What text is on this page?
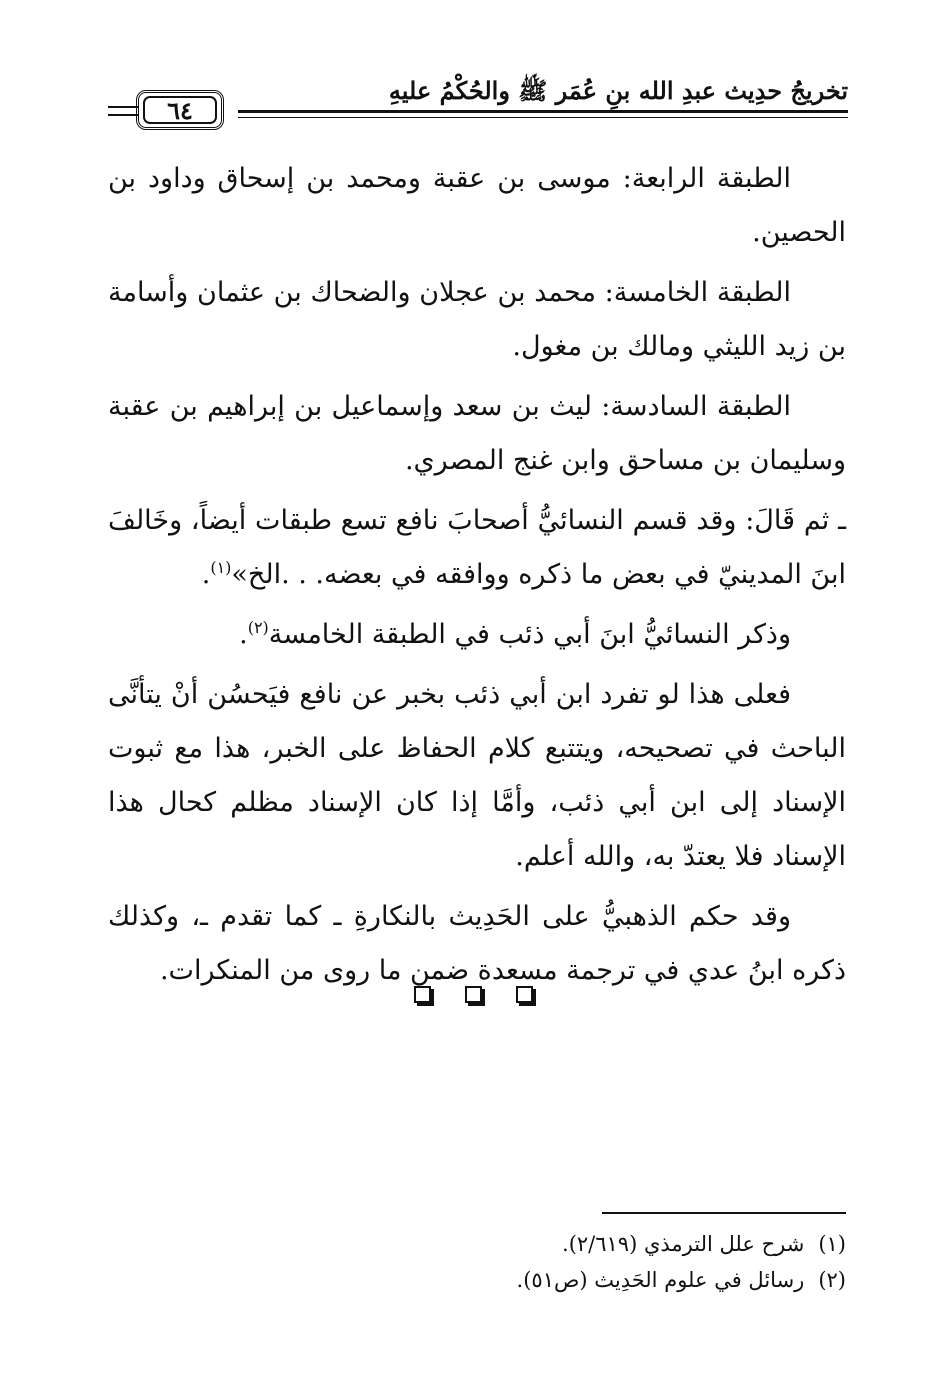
تخريجُ حدِيث عبدِ الله بنِ عُمَر ﷺ والحُكْمُ عليهِ
٦٤

الطبقة الرابعة: موسى بن عقبة ومحمد بن إسحاق وداود بن الحصين.

الطبقة الخامسة: محمد بن عجلان والضحاك بن عثمان وأسامة بن زيد الليثي ومالك بن مغول.

الطبقة السادسة: ليث بن سعد وإسماعيل بن إبراهيم بن عقبة وسليمان بن مساحق وابن غنج المصري.

ـ ثم قَالَ: وقد قسم النسائيُّ أصحابَ نافع تسع طبقات أيضاً، وخَالفَ ابنَ المدينيّ في بعض ما ذكره ووافقه في بعضه. . .الخ»$^{(١)}$.

وذكر النسائيُّ ابنَ أبي ذئب في الطبقة الخامسة$^{(٢)}$.

فعلى هذا لو تفرد ابن أبي ذئب بخبر عن نافع فيَحسُن أنْ يتأنَّى الباحث في تصحيحه، ويتتبع كلام الحفاظ على الخبر، هذا مع ثبوت الإسناد إلى ابن أبي ذئب، وأمَّا إذا كان الإسناد مظلم كحال هذا الإسناد فلا يعتدّ به، والله أعلم.

وقد حكم الذهبيُّ على الحَدِيث بالنكارةِ ـ كما تقدم ـ، وكذلك ذكره ابنُ عدي في ترجمة مسعدة ضمن ما روى من المنكرات.

(١)
شرح علل الترمذي (٢/٦١٩).
(٢)
رسائل في علوم الحَدِيث (ص٥١).
